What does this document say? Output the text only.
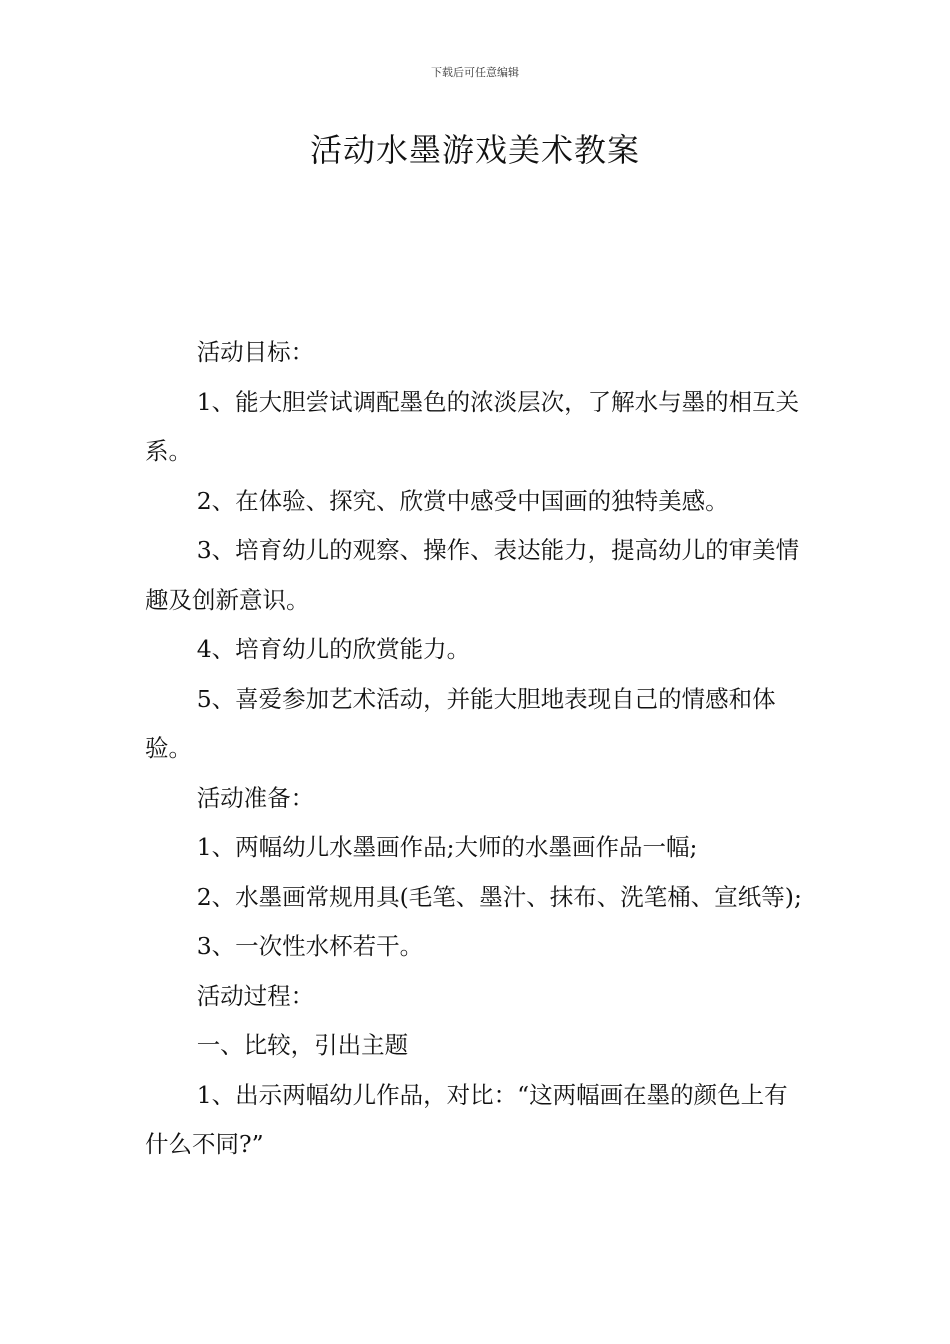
下载后可任意编辑
活动水墨游戏美术教案

活动目标：

1、能大胆尝试调配墨色的浓淡层次，了解水与墨的相互关系。

2、在体验、探究、欣赏中感受中国画的独特美感。

3、培育幼儿的观察、操作、表达能力，提高幼儿的审美情趣及创新意识。

4、培育幼儿的欣赏能力。

5、喜爱参加艺术活动，并能大胆地表现自己的情感和体验。

活动准备：

1、两幅幼儿水墨画作品;大师的水墨画作品一幅;

2、水墨画常规用具(毛笔、墨汁、抹布、洗笔桶、宣纸等);

3、一次性水杯若干。

活动过程：

一、比较，引出主题

1、出示两幅幼儿作品，对比：“这两幅画在墨的颜色上有什么不同?”
